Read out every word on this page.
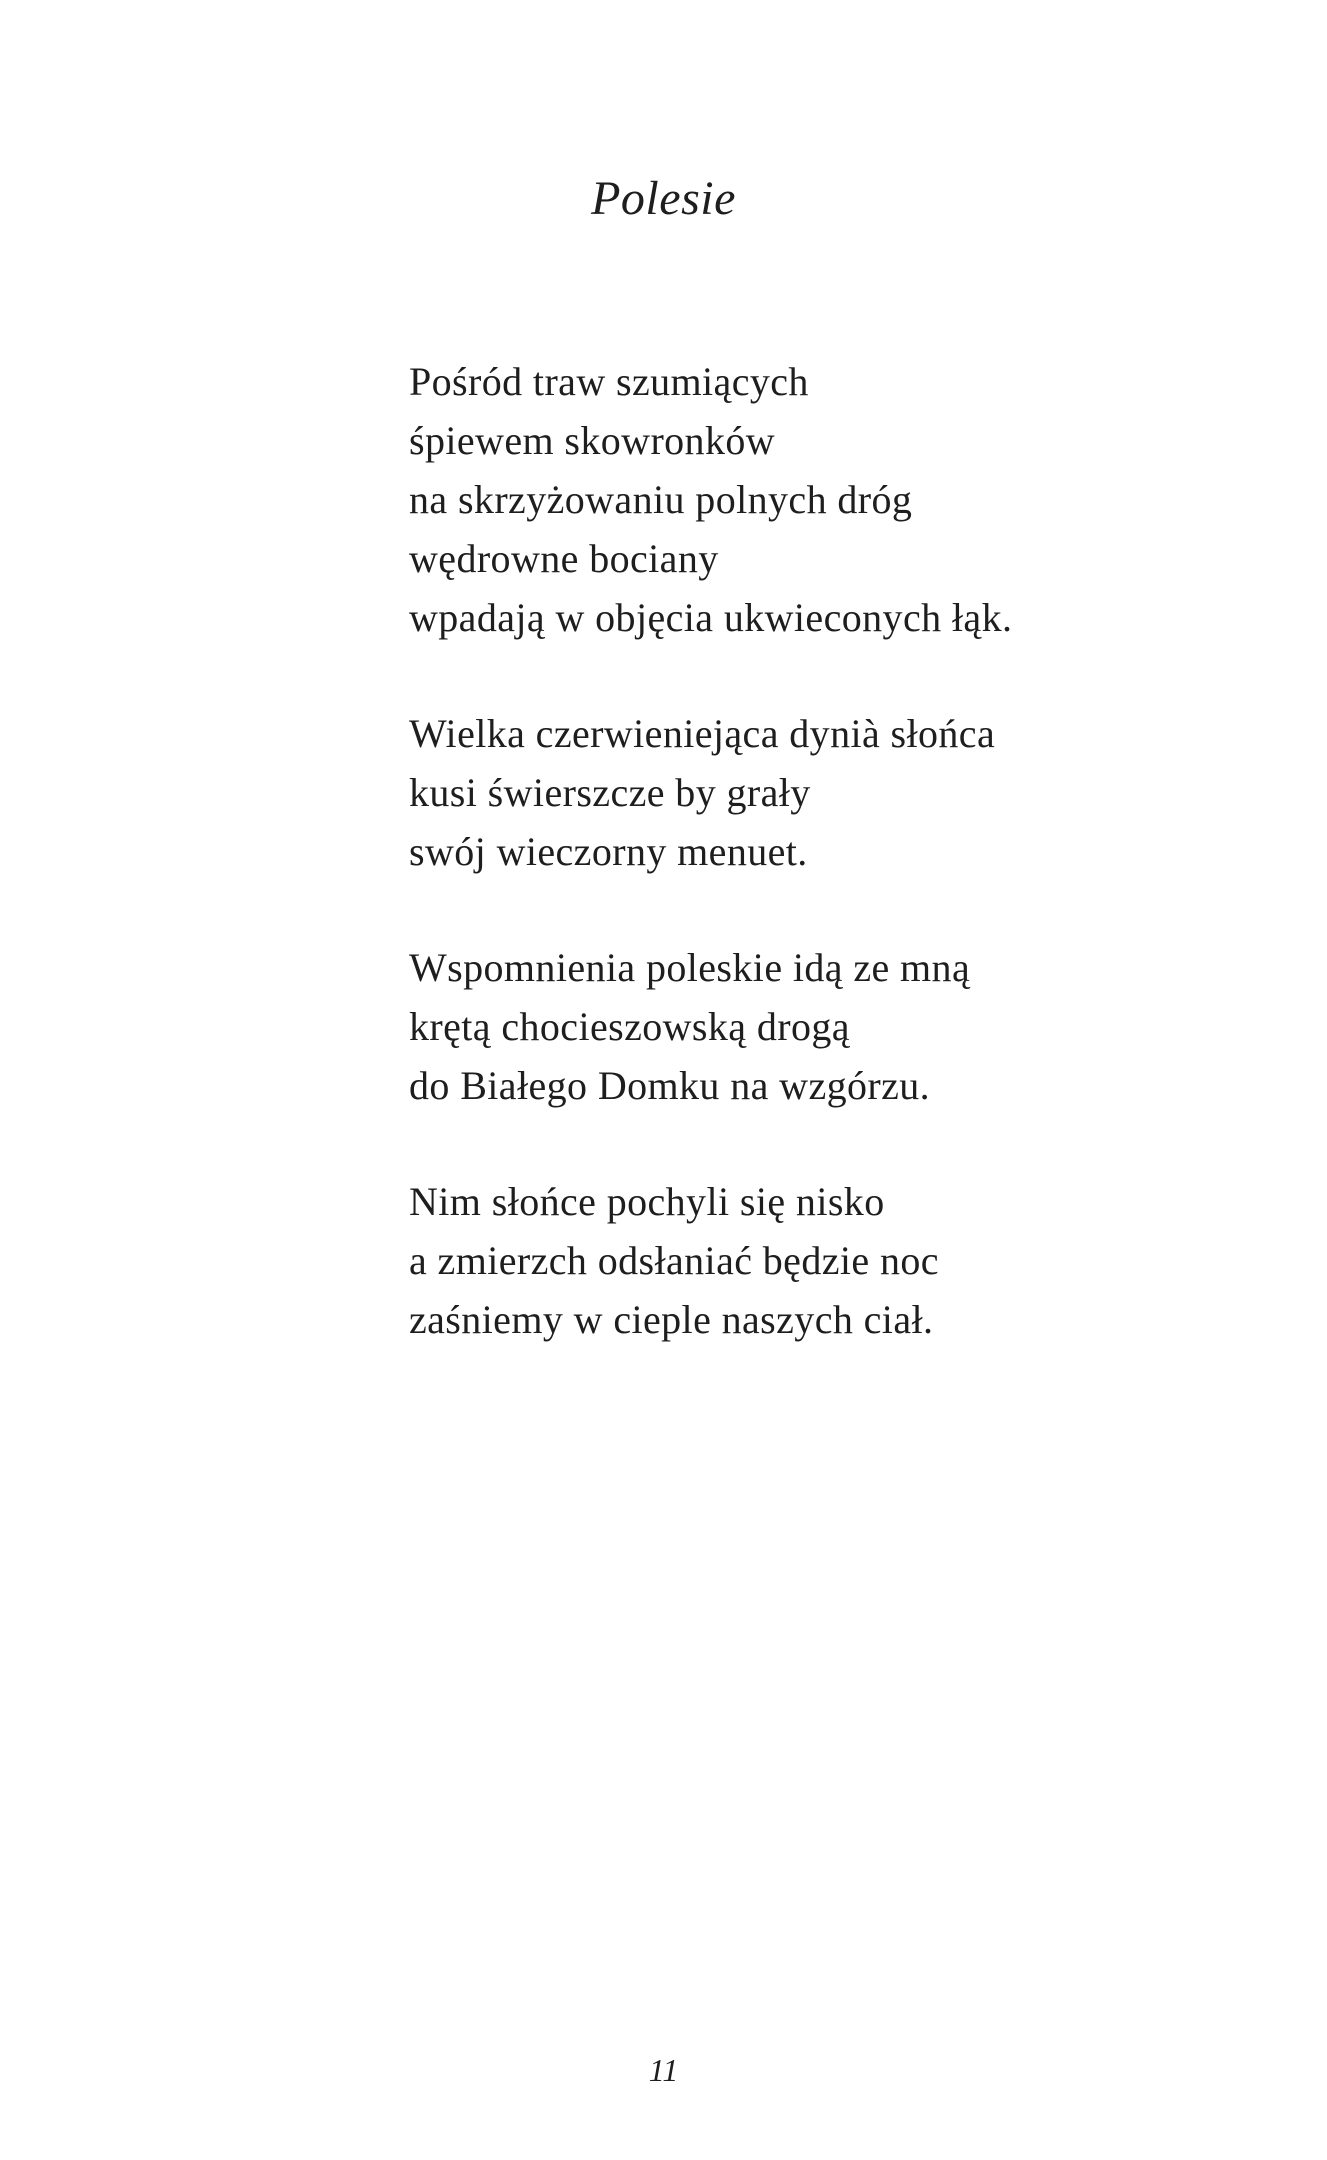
Polesie
Pośród traw szumiących
śpiewem skowronków
na skrzyżowaniu polnych dróg
wędrowne bociany
wpadają w objęcia ukwieconych łąk.
Wielka czerwieniejąca dynià słońca
kusi świerszcze by grały
swój wieczorny menuet.
Wspomnienia poleskie idą ze mną
krętą chocieszowską drogą
do Białego Domku na wzgórzu.
Nim słońce pochyli się nisko
a zmierzch odsłaniać będzie noc
zaśniemy w cieple naszych ciał.
11
